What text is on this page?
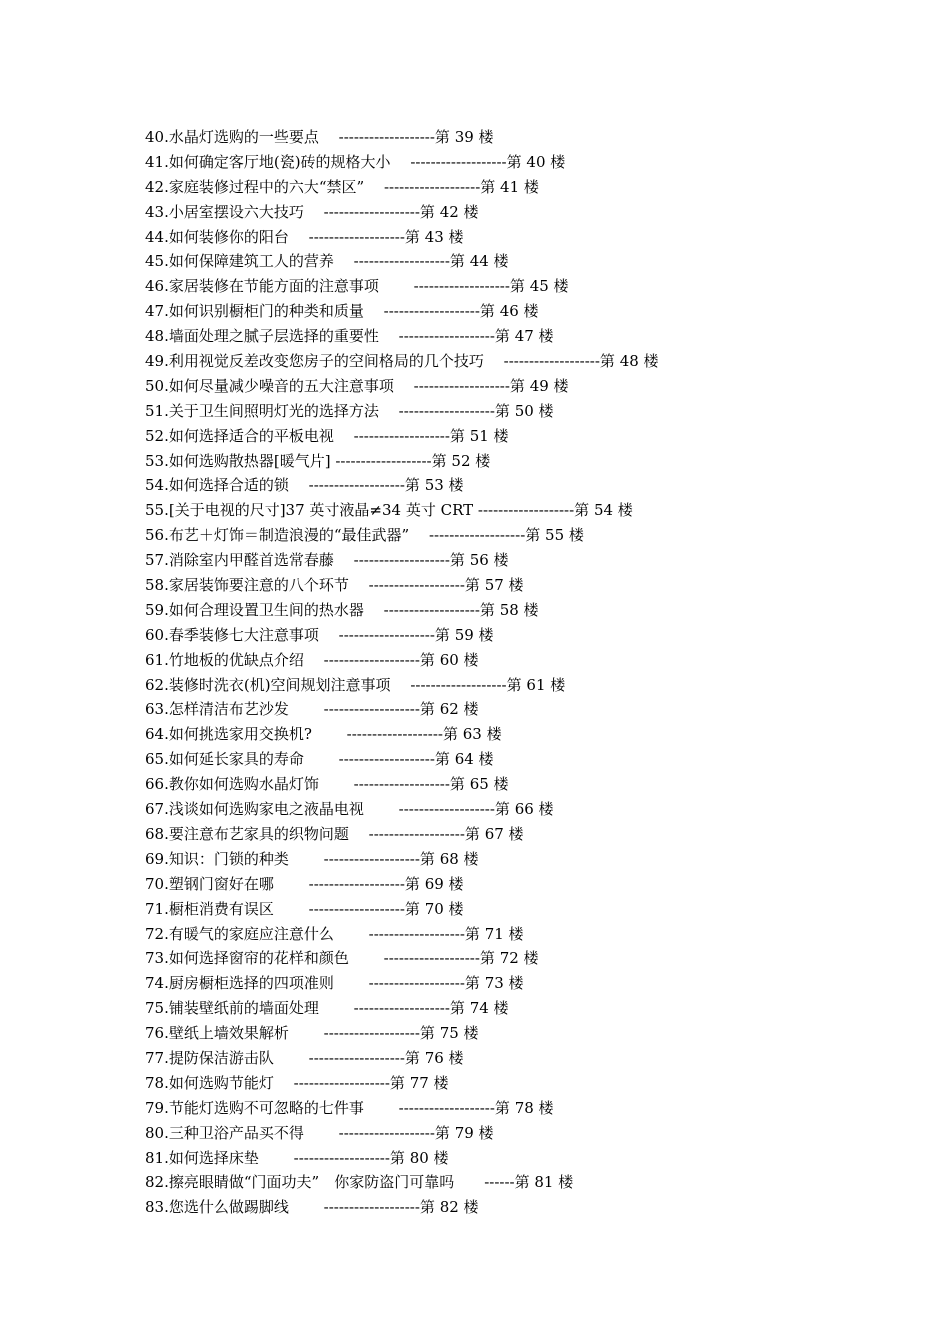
40.水晶灯选购的一些要点　 -------------------第 39 楼
41.如何确定客厅地(瓷)砖的规格大小　 -------------------第 40 楼
42.家庭装修过程中的六大“禁区”　 -------------------第 41 楼
43.小居室摆设六大技巧　 -------------------第 42 楼
44.如何装修你的阳台　 -------------------第 43 楼
45.如何保障建筑工人的营养　 -------------------第 44 楼
46.家居装修在节能方面的注意事项　　 -------------------第 45 楼
47.如何识别橱柜门的种类和质量　 -------------------第 46 楼
48.墙面处理之腻子层选择的重要性　 -------------------第 47 楼
49.利用视觉反差改变您房子的空间格局的几个技巧　 -------------------第 48 楼
50.如何尽量减少噪音的五大注意事项　 -------------------第 49 楼
51.关于卫生间照明灯光的选择方法　 -------------------第 50 楼
52.如何选择适合的平板电视　 -------------------第 51 楼
53.如何选购散热器[暖气片] -------------------第 52 楼
54.如何选择合适的锁　 -------------------第 53 楼
55.[关于电视的尺寸]37 英寸液晶≠34 英寸 CRT -------------------第 54 楼
56.布艺＋灯饰＝制造浪漫的“最佳武器”　 -------------------第 55 楼
57.消除室内甲醛首选常春藤　 -------------------第 56 楼
58.家居装饰要注意的八个环节　 -------------------第 57 楼
59.如何合理设置卫生间的热水器　 -------------------第 58 楼
60.春季装修七大注意事项　 -------------------第 59 楼
61.竹地板的优缺点介绍　 -------------------第 60 楼
62.装修时洗衣(机)空间规划注意事项　 -------------------第 61 楼
63.怎样清洁布艺沙发　　 -------------------第 62 楼
64.如何挑选家用交换机?　　 -------------------第 63 楼
65.如何延长家具的寿命　　 -------------------第 64 楼
66.教你如何选购水晶灯饰　　 -------------------第 65 楼
67.浅谈如何选购家电之液晶电视　　 -------------------第 66 楼
68.要注意布艺家具的织物问题　 -------------------第 67 楼
69.知识：门锁的种类　　 -------------------第 68 楼
70.塑钢门窗好在哪　　 -------------------第 69 楼
71.橱柜消费有误区　　 -------------------第 70 楼
72.有暖气的家庭应注意什么　　 -------------------第 71 楼
73.如何选择窗帘的花样和颜色　　 -------------------第 72 楼
74.厨房橱柜选择的四项准则　　 -------------------第 73 楼
75.铺装壁纸前的墙面处理　　 -------------------第 74 楼
76.壁纸上墙效果解析　　 -------------------第 75 楼
77.提防保洁游击队　　 -------------------第 76 楼
78.如何选购节能灯　 -------------------第 77 楼
79.节能灯选购不可忽略的七件事　　 -------------------第 78 楼
80.三种卫浴产品买不得　　 -------------------第 79 楼
81.如何选择床垫　　 -------------------第 80 楼
82.擦亮眼睛做“门面功夫”　你家防盗门可靠吗　　------第 81 楼
83.您选什么做踢脚线　　 -------------------第 82 楼
